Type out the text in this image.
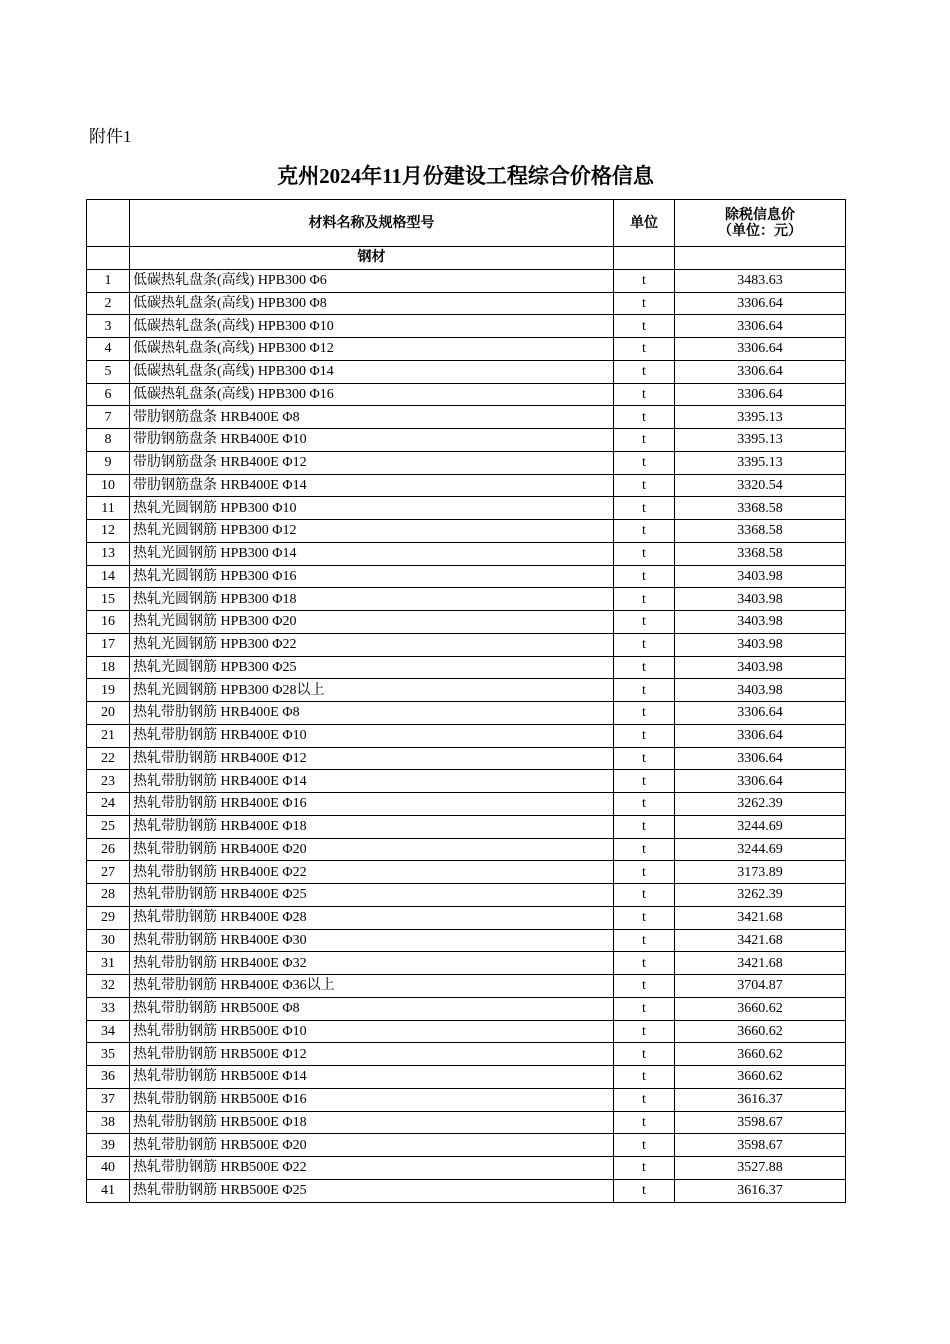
附件1
克州2024年11月份建设工程综合价格信息
	材料名称及规格型号	单位	除税信息价
（单位：元）

	钢材		
1	低碳热轧盘条(高线) HPB300 Φ6	t	3483.63
2	低碳热轧盘条(高线) HPB300 Φ8	t	3306.64
3	低碳热轧盘条(高线) HPB300 Φ10	t	3306.64
4	低碳热轧盘条(高线) HPB300 Φ12	t	3306.64
5	低碳热轧盘条(高线) HPB300 Φ14	t	3306.64
6	低碳热轧盘条(高线) HPB300 Φ16	t	3306.64
7	带肋钢筋盘条 HRB400E Φ8	t	3395.13
8	带肋钢筋盘条 HRB400E Φ10	t	3395.13
9	带肋钢筋盘条 HRB400E Φ12	t	3395.13
10	带肋钢筋盘条 HRB400E Φ14	t	3320.54
11	热轧光圆钢筋 HPB300 Φ10	t	3368.58
12	热轧光圆钢筋 HPB300 Φ12	t	3368.58
13	热轧光圆钢筋 HPB300 Φ14	t	3368.58
14	热轧光圆钢筋 HPB300 Φ16	t	3403.98
15	热轧光圆钢筋 HPB300 Φ18	t	3403.98
16	热轧光圆钢筋 HPB300 Φ20	t	3403.98
17	热轧光圆钢筋 HPB300 Φ22	t	3403.98
18	热轧光圆钢筋 HPB300 Φ25	t	3403.98
19	热轧光圆钢筋 HPB300 Φ28以上	t	3403.98
20	热轧带肋钢筋 HRB400E Φ8	t	3306.64
21	热轧带肋钢筋 HRB400E Φ10	t	3306.64
22	热轧带肋钢筋 HRB400E Φ12	t	3306.64
23	热轧带肋钢筋 HRB400E Φ14	t	3306.64
24	热轧带肋钢筋 HRB400E Φ16	t	3262.39
25	热轧带肋钢筋 HRB400E Φ18	t	3244.69
26	热轧带肋钢筋 HRB400E Φ20	t	3244.69
27	热轧带肋钢筋 HRB400E Φ22	t	3173.89
28	热轧带肋钢筋 HRB400E Φ25	t	3262.39
29	热轧带肋钢筋 HRB400E Φ28	t	3421.68
30	热轧带肋钢筋 HRB400E Φ30	t	3421.68
31	热轧带肋钢筋 HRB400E Φ32	t	3421.68
32	热轧带肋钢筋 HRB400E Φ36以上	t	3704.87
33	热轧带肋钢筋 HRB500E Φ8	t	3660.62
34	热轧带肋钢筋 HRB500E Φ10	t	3660.62
35	热轧带肋钢筋 HRB500E Φ12	t	3660.62
36	热轧带肋钢筋 HRB500E Φ14	t	3660.62
37	热轧带肋钢筋 HRB500E Φ16	t	3616.37
38	热轧带肋钢筋 HRB500E Φ18	t	3598.67
39	热轧带肋钢筋 HRB500E Φ20	t	3598.67
40	热轧带肋钢筋 HRB500E Φ22	t	3527.88
41	热轧带肋钢筋 HRB500E Φ25	t	3616.37
